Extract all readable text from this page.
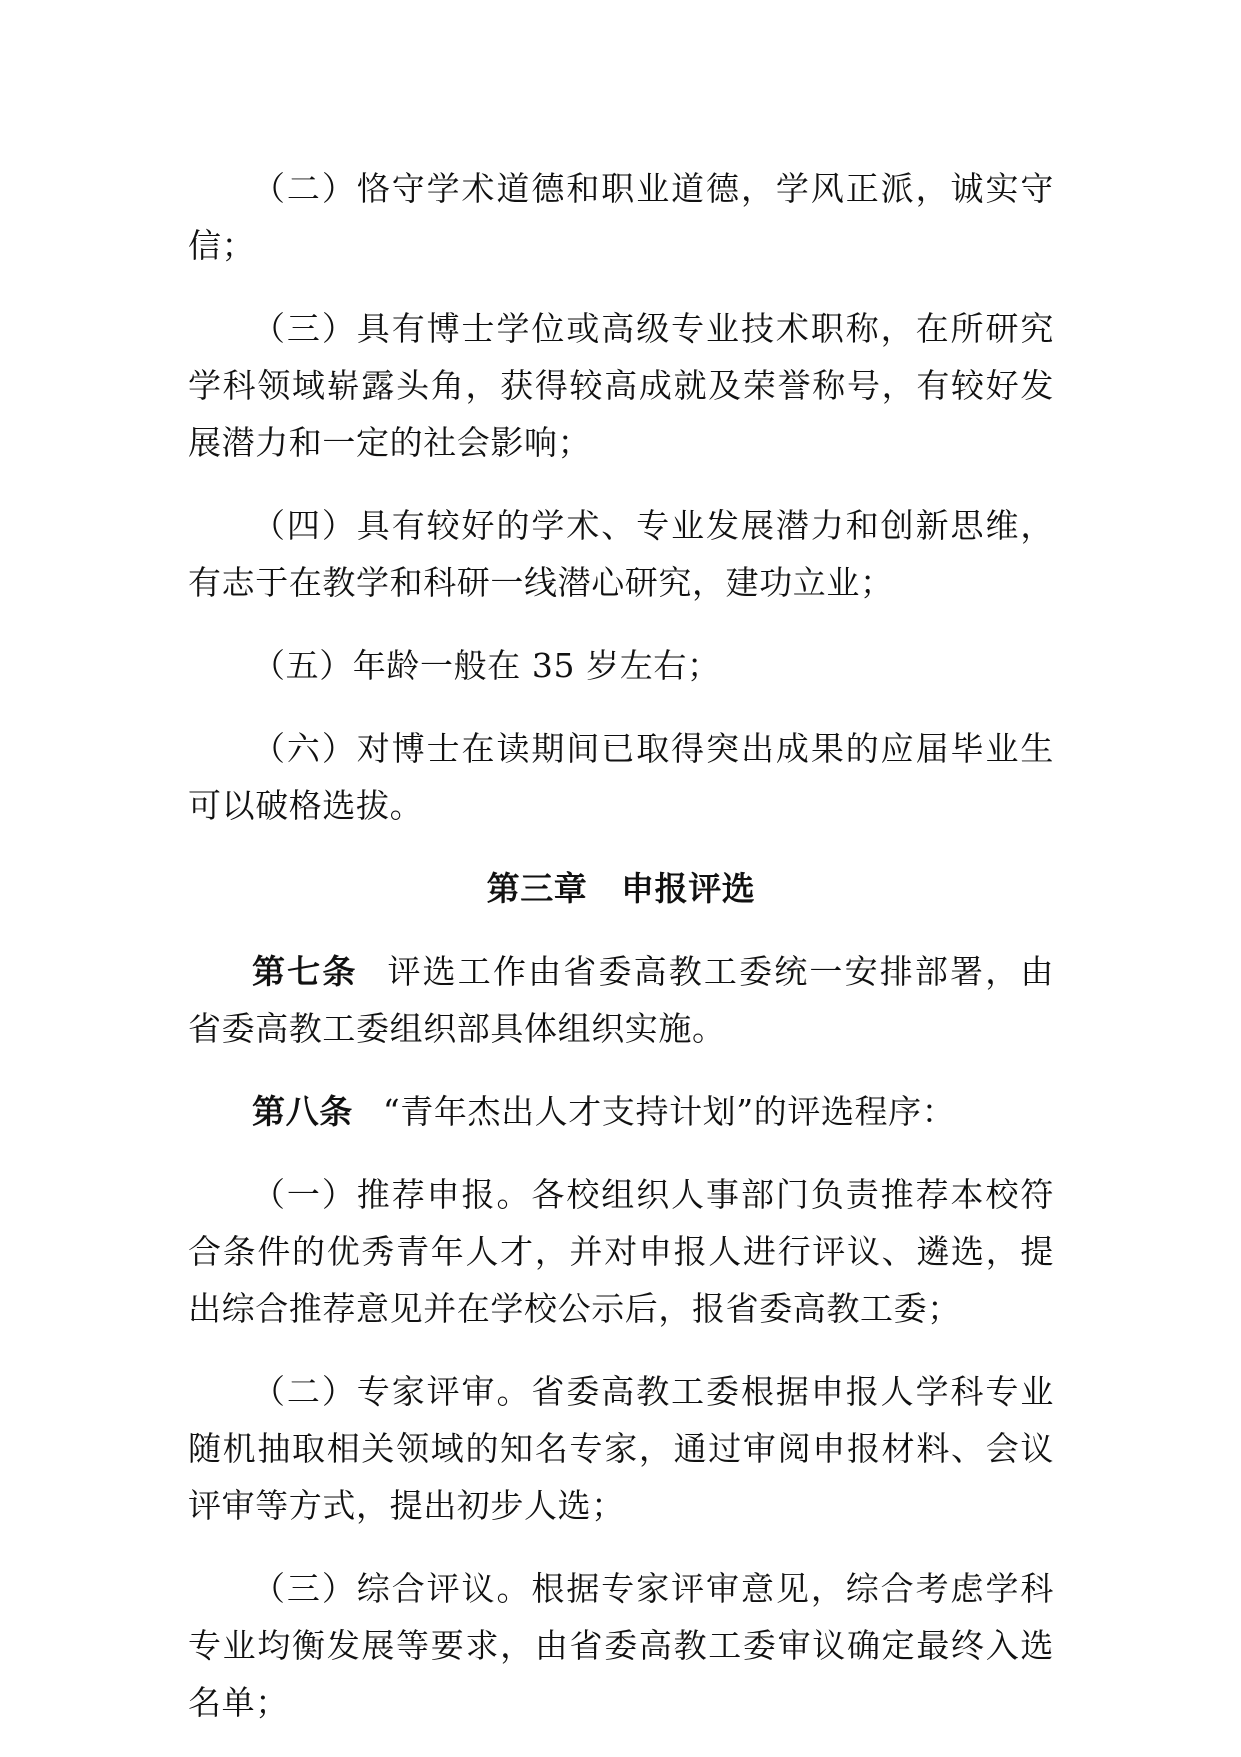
（二）恪守学术道德和职业道德，学风正派，诚实守信；

（三）具有博士学位或高级专业技术职称，在所研究学科领域崭露头角，获得较高成就及荣誉称号，有较好发展潜力和一定的社会影响；

（四）具有较好的学术、专业发展潜力和创新思维，有志于在教学和科研一线潜心研究，建功立业；

（五）年龄一般在 35 岁左右；

（六）对博士在读期间已取得突出成果的应届毕业生可以破格选拔。

第三章　申报评选

第七条 评选工作由省委高教工委统一安排部署，由省委高教工委组织部具体组织实施。

第八条 “青年杰出人才支持计划”的评选程序：

（一）推荐申报。各校组织人事部门负责推荐本校符合条件的优秀青年人才，并对申报人进行评议、遴选，提出综合推荐意见并在学校公示后，报省委高教工委；

（二）专家评审。省委高教工委根据申报人学科专业随机抽取相关领域的知名专家，通过审阅申报材料、会议评审等方式，提出初步人选；

（三）综合评议。根据专家评审意见，综合考虑学科专业均衡发展等要求，由省委高教工委审议确定最终入选名单；
